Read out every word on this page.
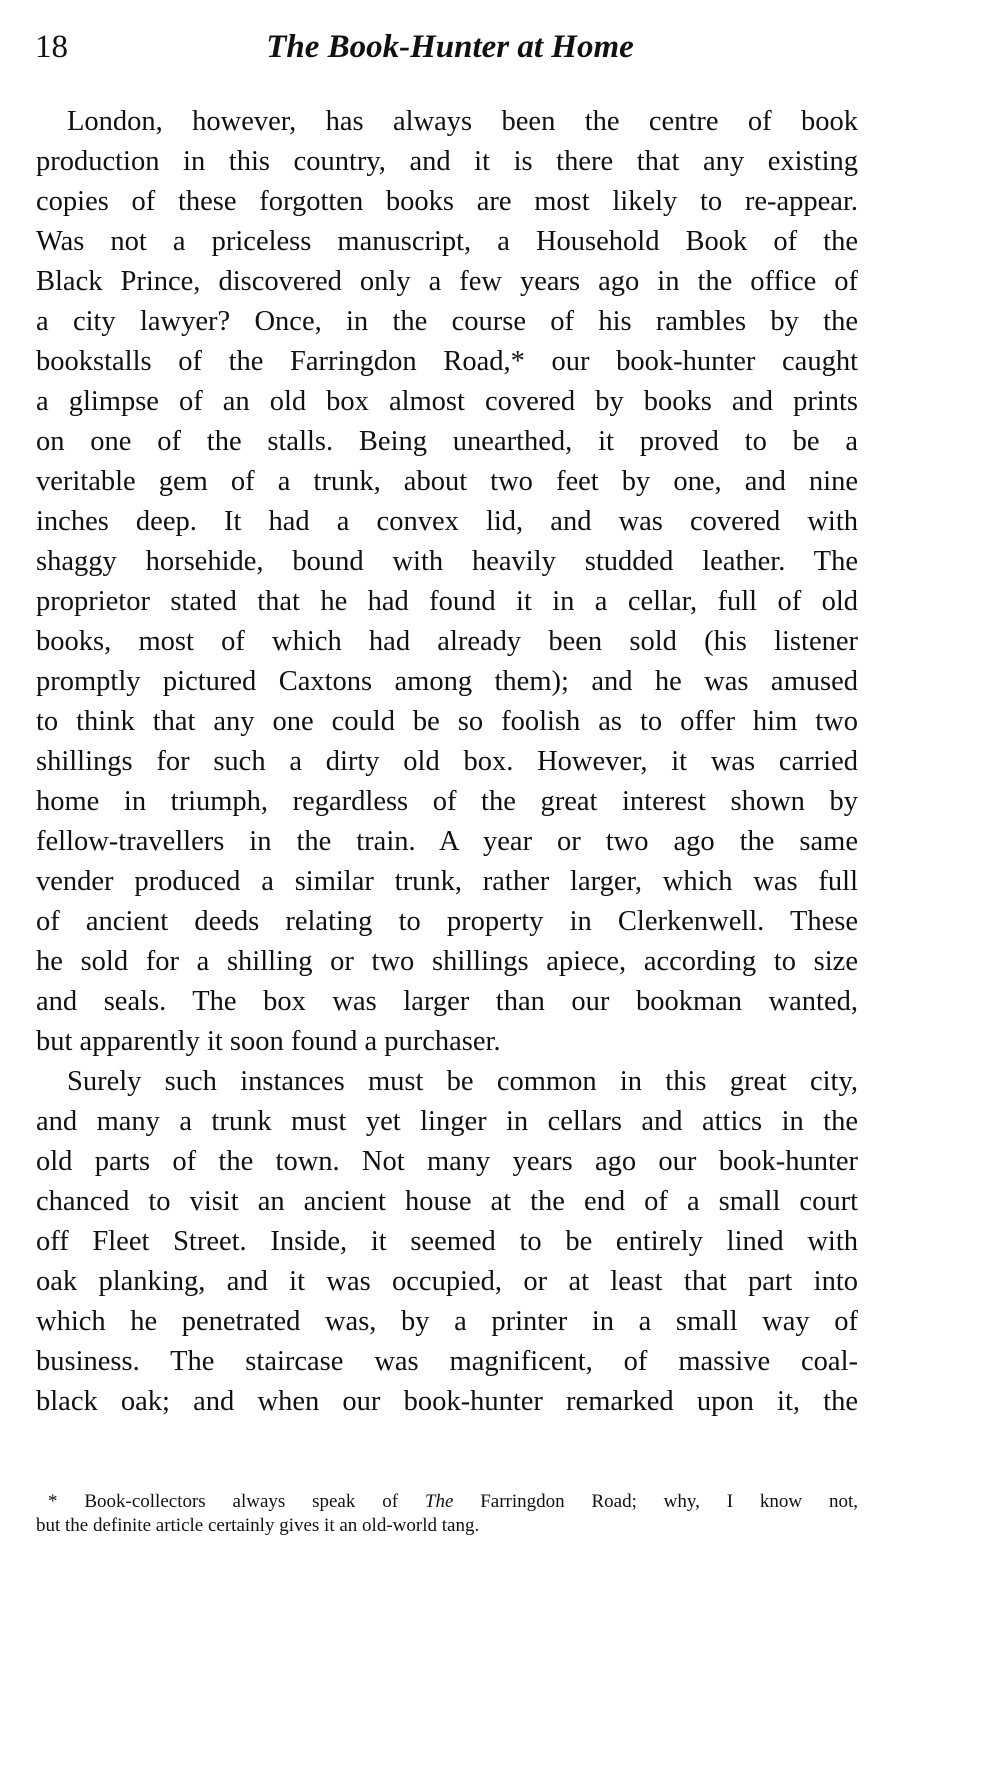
18	The Book-Hunter at Home
London, however, has always been the centre of book
production in this country, and it is there that any existing
copies of these forgotten books are most likely to re-appear.
Was not a priceless manuscript, a Household Book of the
Black Prince, discovered only a few years ago in the office of
a city lawyer? Once, in the course of his rambles by the
bookstalls of the Farringdon Road,* our book-hunter caught
a glimpse of an old box almost covered by books and prints
on one of the stalls. Being unearthed, it proved to be a
veritable gem of a trunk, about two feet by one, and nine
inches deep. It had a convex lid, and was covered with
shaggy horsehide, bound with heavily studded leather. The
proprietor stated that he had found it in a cellar, full of old
books, most of which had already been sold (his listener
promptly pictured Caxtons among them); and he was amused
to think that any one could be so foolish as to offer him two
shillings for such a dirty old box. However, it was carried
home in triumph, regardless of the great interest shown by
fellow-travellers in the train. A year or two ago the same
vender produced a similar trunk, rather larger, which was full
of ancient deeds relating to property in Clerkenwell. These
he sold for a shilling or two shillings apiece, according to size
and seals. The box was larger than our bookman wanted,
but apparently it soon found a purchaser.
Surely such instances must be common in this great city,
and many a trunk must yet linger in cellars and attics in the
old parts of the town. Not many years ago our book-hunter
chanced to visit an ancient house at the end of a small court
off Fleet Street. Inside, it seemed to be entirely lined with
oak planking, and it was occupied, or at least that part into
which he penetrated was, by a printer in a small way of
business. The staircase was magnificent, of massive coal-
black oak; and when our book-hunter remarked upon it, the
* Book-collectors always speak of The Farringdon Road; why, I know not,
but the definite article certainly gives it an old-world tang.
